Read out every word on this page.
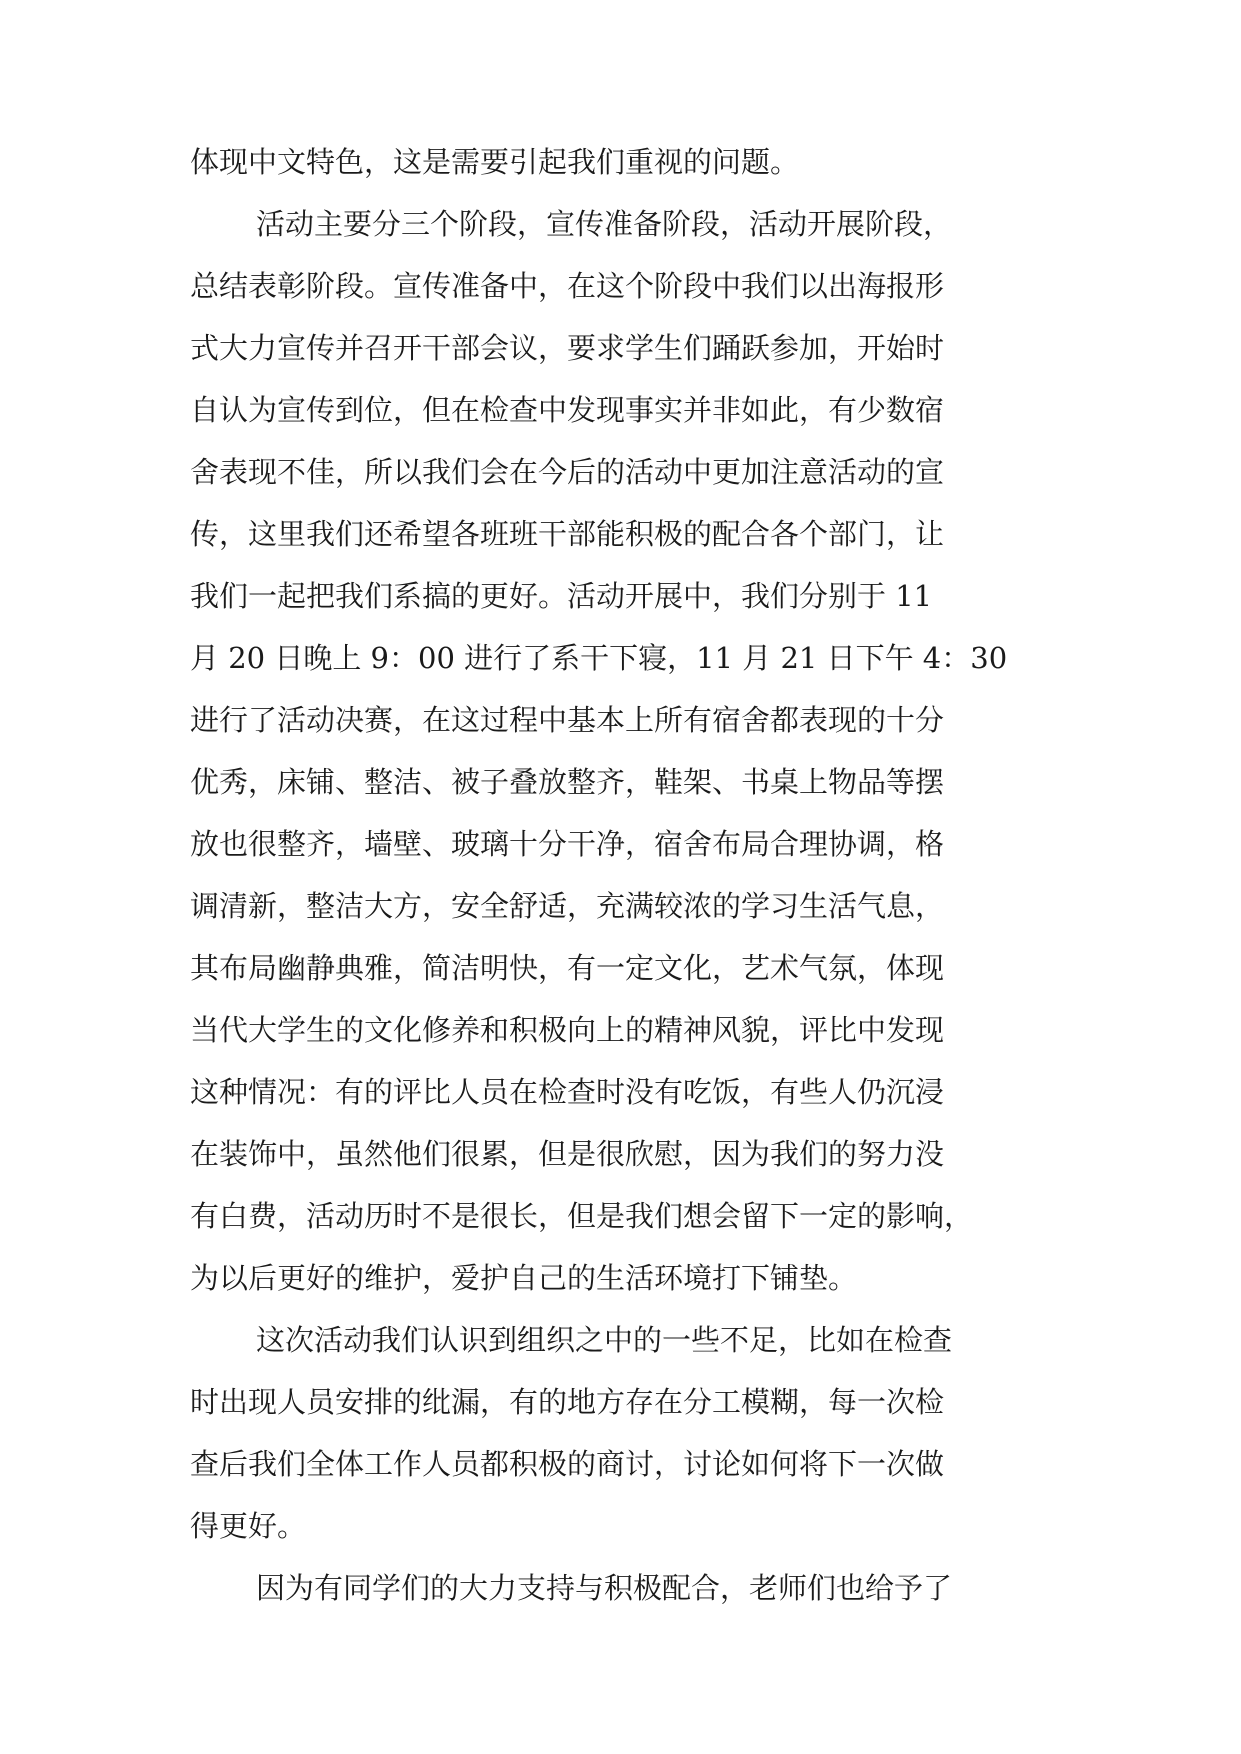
体现中文特色，这是需要引起我们重视的问题。
活动主要分三个阶段，宣传准备阶段，活动开展阶段，
总结表彰阶段。宣传准备中，在这个阶段中我们以出海报形
式大力宣传并召开干部会议，要求学生们踊跃参加，开始时
自认为宣传到位，但在检查中发现事实并非如此，有少数宿
舍表现不佳，所以我们会在今后的活动中更加注意活动的宣
传，这里我们还希望各班班干部能积极的配合各个部门，让
我们一起把我们系搞的更好。活动开展中，我们分别于 11
月 20 日晚上 9：00 进行了系干下寝，11 月 21 日下午 4：30
进行了活动决赛，在这过程中基本上所有宿舍都表现的十分
优秀，床铺、整洁、被子叠放整齐，鞋架、书桌上物品等摆
放也很整齐，墙壁、玻璃十分干净，宿舍布局合理协调，格
调清新，整洁大方，安全舒适，充满较浓的学习生活气息，
其布局幽静典雅，简洁明快，有一定文化，艺术气氛，体现
当代大学生的文化修养和积极向上的精神风貌，评比中发现
这种情况：有的评比人员在检查时没有吃饭，有些人仍沉浸
在装饰中，虽然他们很累，但是很欣慰，因为我们的努力没
有白费，活动历时不是很长，但是我们想会留下一定的影响，
为以后更好的维护，爱护自己的生活环境打下铺垫。
这次活动我们认识到组织之中的一些不足，比如在检查
时出现人员安排的纰漏，有的地方存在分工模糊，每一次检
查后我们全体工作人员都积极的商讨，讨论如何将下一次做
得更好。
因为有同学们的大力支持与积极配合，老师们也给予了
